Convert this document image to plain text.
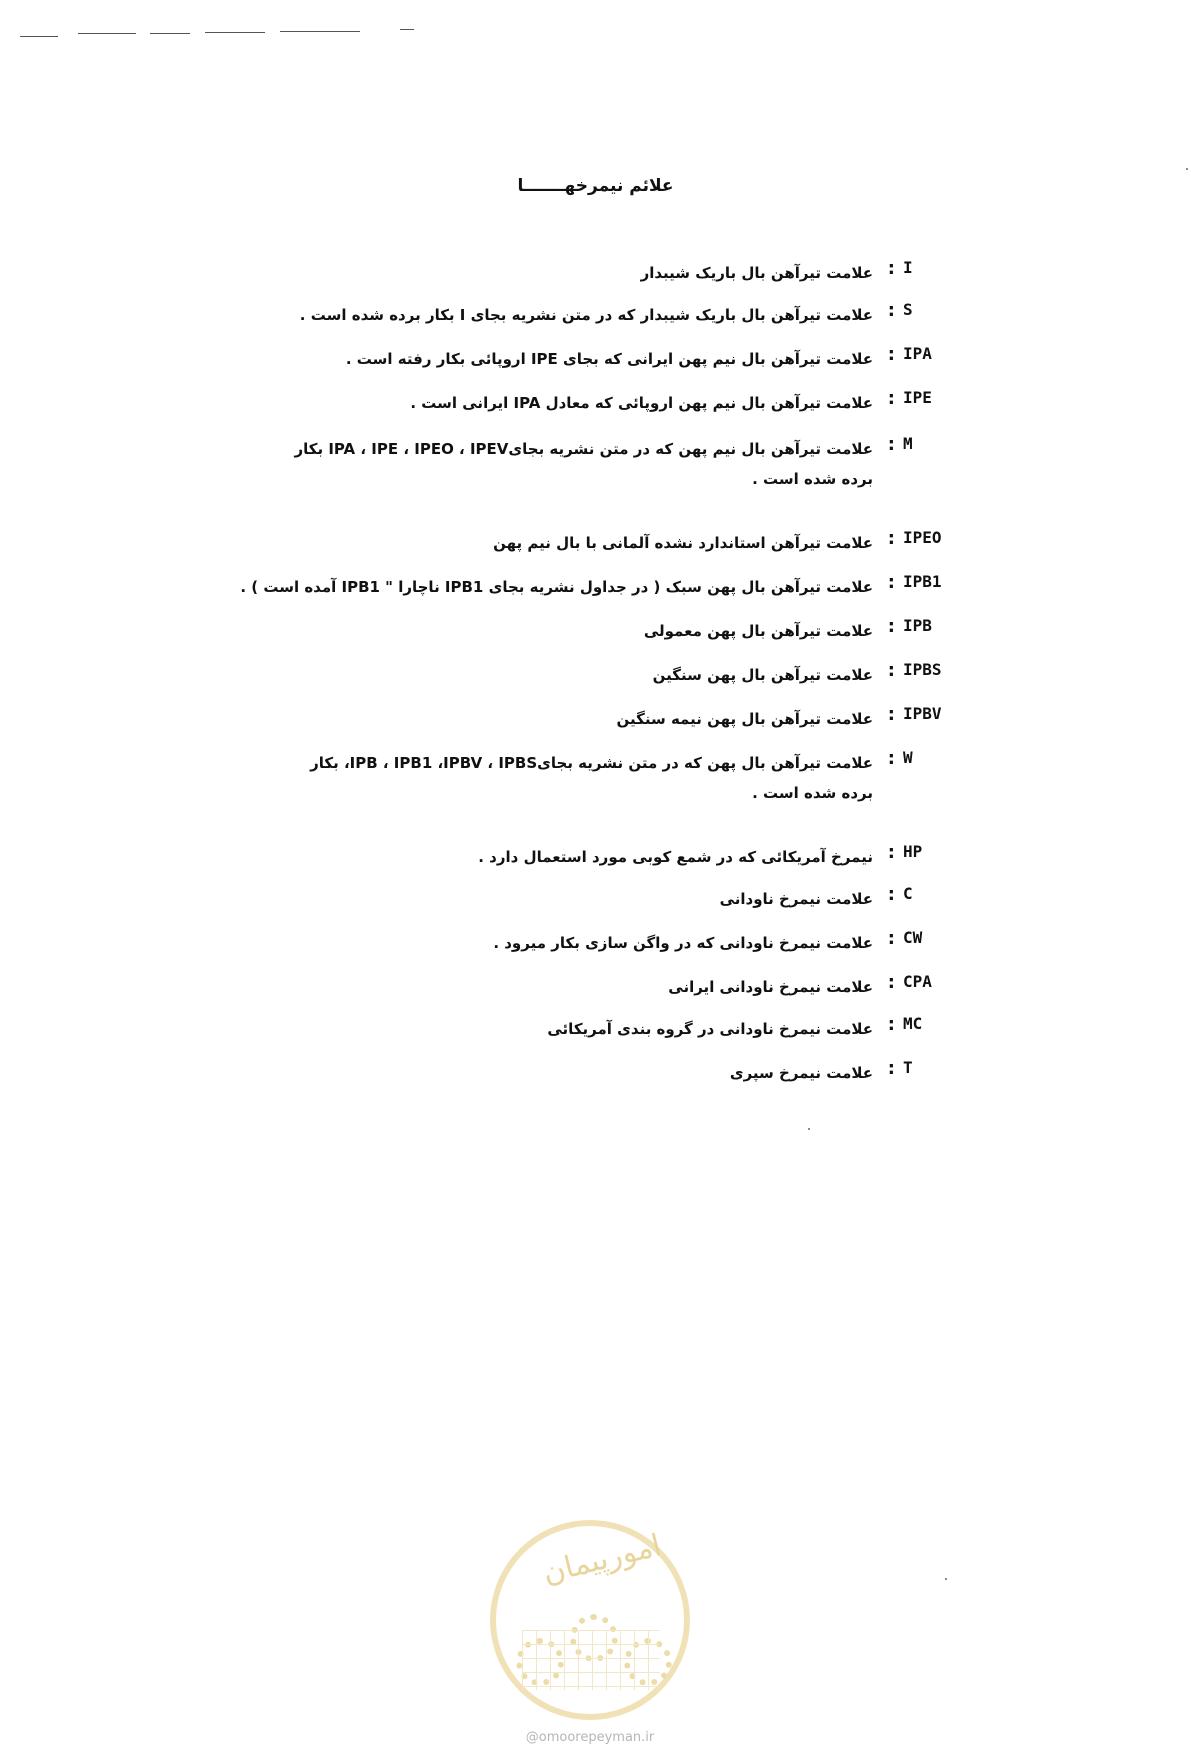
علائم نیمرخهـــــــا
I
:
علامت تیرآهن بال باریک شیبدار
S
:
علامت تیرآهن بال باریک شیبدار که در متن نشریه بجای I بکار برده شده است .
IPA
:
علامت تیرآهن بال نیم پهن ایرانی که بجای IPE اروپائی بکار رفته است .
IPE
:
علامت تیرآهن بال نیم پهن اروپائی که معادل IPA ایرانی است .
M
:
علامت تیرآهن بال نیم پهن که در متن نشریه بجایIPA ، IPE ، IPEO ، IPEV بکار
برده شده است .
IPEO
:
علامت تیرآهن استاندارد نشده آلمانی با بال نیم پهن
IPB1
:
علامت تیرآهن بال پهن سبک ( در جداول نشریه بجای IPB1 ناچارا " IPB1 آمده است ) .
IPB
:
علامت تیرآهن بال پهن معمولی
IPBS
:
علامت تیرآهن بال پهن سنگین
IPBV
:
علامت تیرآهن بال پهن نیمه سنگین
W
:
علامت تیرآهن بال پهن که در متن نشریه بجایIPB ، IPB1 ،IPBV ، IPBS، بکار
برده شده است .
HP
:
نیمرخ آمریکائی که در شمع کوبی مورد استعمال دارد .
C
:
علامت نیمرخ ناودانی
CW
:
علامت نیمرخ ناودانی که در واگن سازی بکار میرود .
CPA
:
علامت نیمرخ ناودانی ایرانی
MC
:
علامت نیمرخ ناودانی در گروه بندی آمریکائی
T
:
علامت نیمرخ سپری
امورپیمان
@omoorepeyman.ir
